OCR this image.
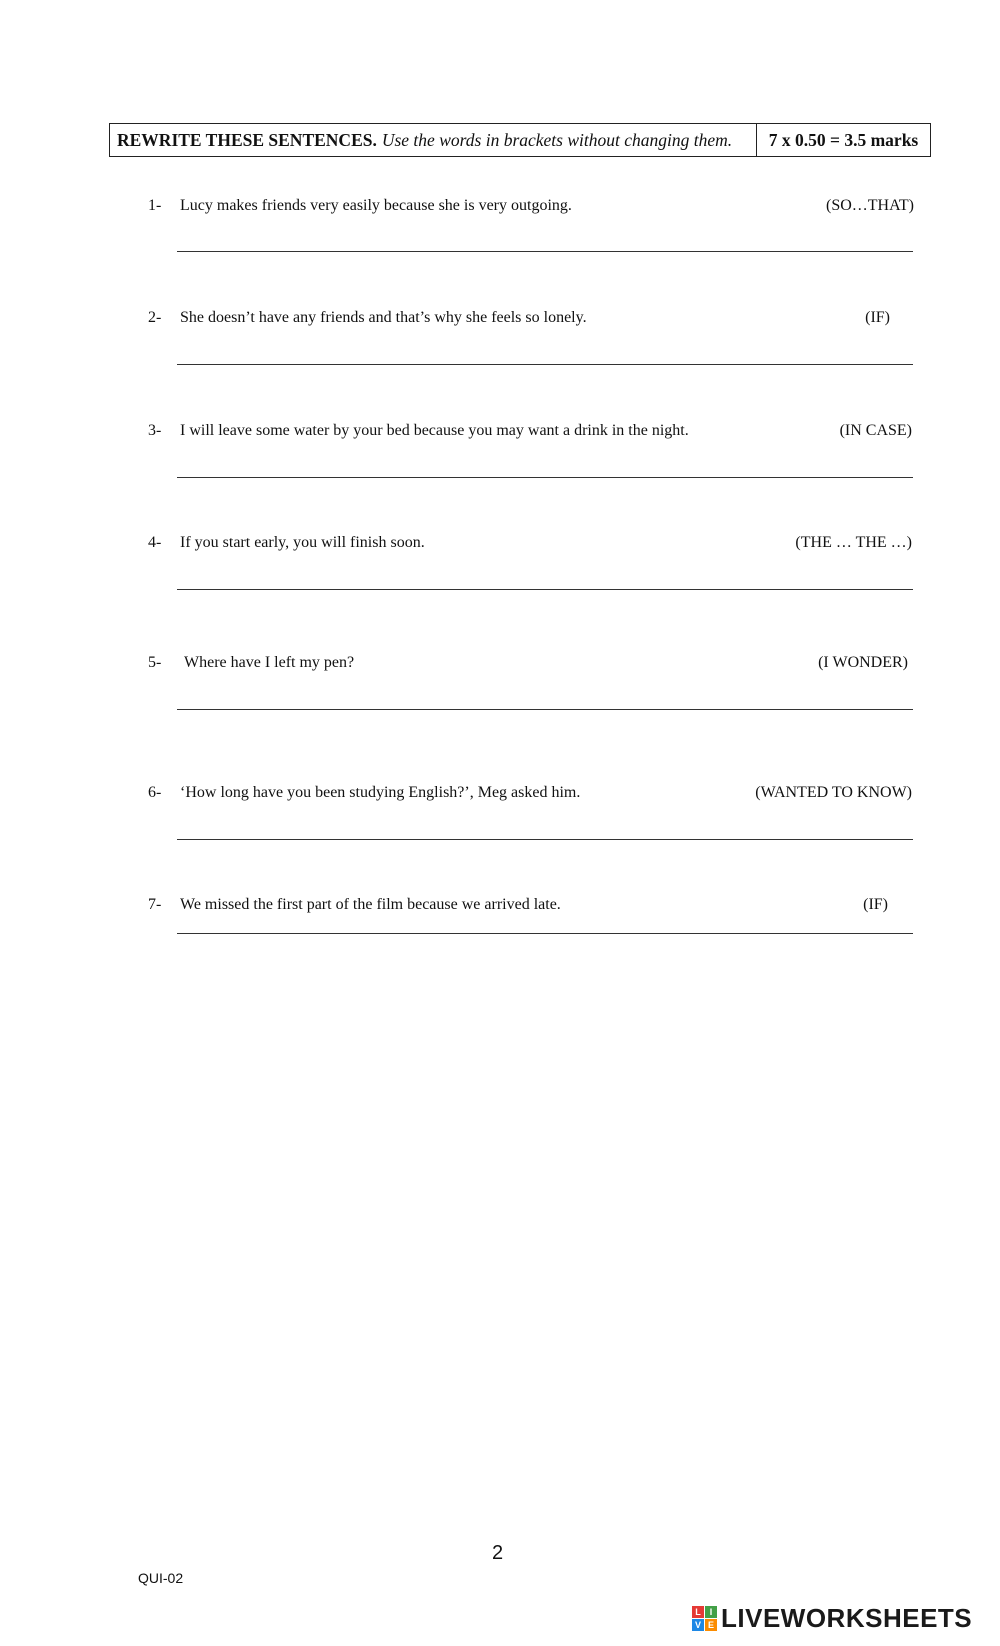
REWRITE THESE SENTENCES. Use the words in brackets without changing them.	7 x 0.50 = 3.5 marks
1- Lucy makes friends very easily because she is very outgoing.	(SO…THAT)
2- She doesn’t have any friends and that’s why she feels so lonely.	(IF)
3- I will leave some water by your bed because you may want a drink in the night.	(IN CASE)
4- If you start early, you will finish soon.	(THE … THE …)
5- Where have I left my pen?	(I WONDER)
6- ‘How long have you been studying English?’, Meg asked him.	(WANTED TO KNOW)
7- We missed the first part of the film because we arrived late.	(IF)
2
QUI-02
L I
V E LIVEWORKSHEETS
